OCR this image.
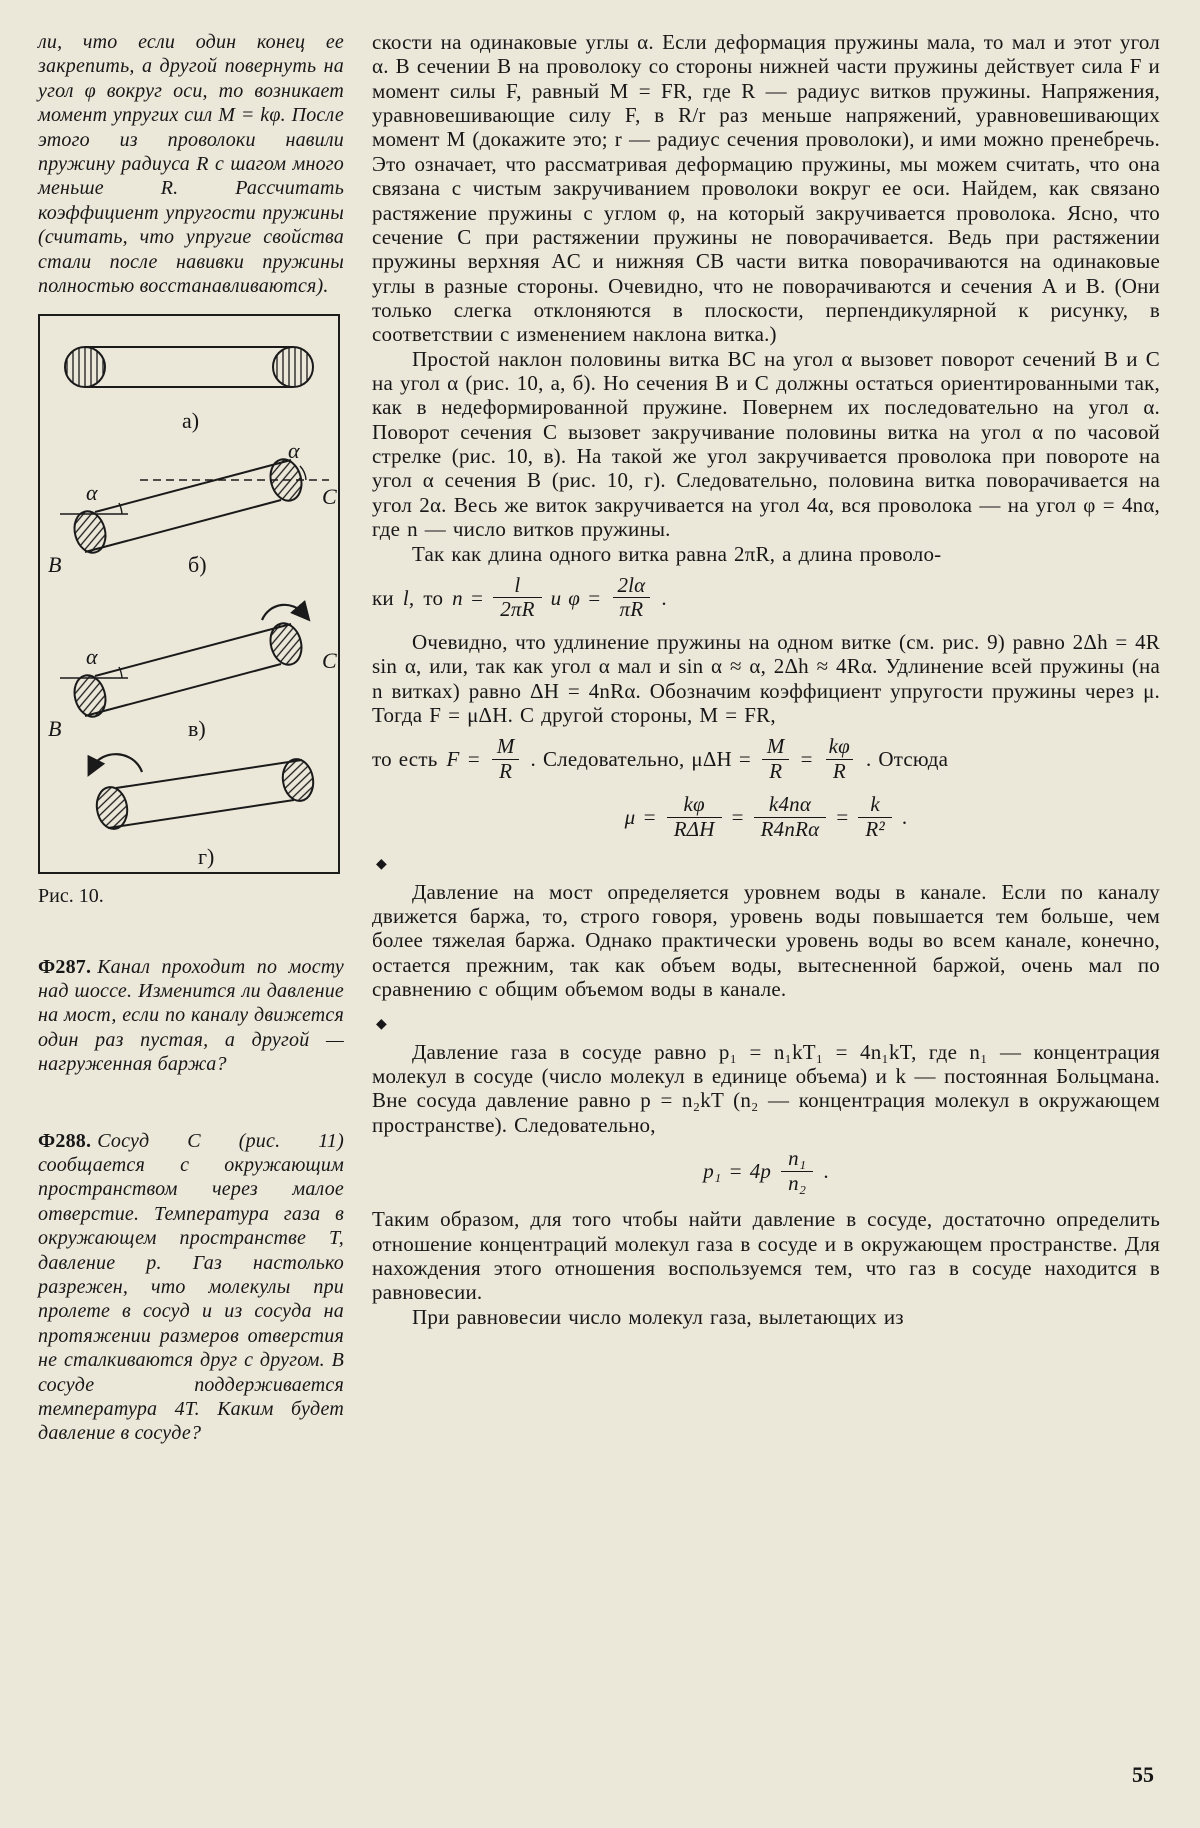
ли, что если один конец ее закрепить, а другой повернуть на угол φ вокруг оси, то возникает момент упругих сил M = kφ. После этого из проволоки навили пружину радиуса R с шагом много меньше R. Рассчитать коэффициент упругости пружины (считать, что упругие свойства стали после навивки пружины полностью восстанавливаются).

а)
α
α
B
C
б)
α
B
C
в)
г)

Рис. 10.

Ф287. Канал проходит по мосту над шоссе. Изменится ли давление на мост, если по каналу движется один раз пустая, а другой — нагруженная баржа?

Ф288. Сосуд C (рис. 11) сообщается с окружающим пространством через малое отверстие. Температура газа в окружающем пространстве T, давление p. Газ настолько разрежен, что молекулы при пролете в сосуд и из сосуда на протяжении размеров отверстия не сталкиваются друг с другом. В сосуде поддерживается температура 4T. Каким будет давление в сосуде?

скости на одинаковые углы α. Если деформация пружины мала, то мал и этот угол α. В сечении B на проволоку со стороны нижней части пружины действует сила F и момент силы F, равный M = FR, где R — радиус витков пружины. Напряжения, уравновешивающие силу F, в R/r раз меньше напряжений, уравновешивающих момент M (докажите это; r — радиус сечения проволоки), и ими можно пренебречь. Это означает, что рассматривая деформацию пружины, мы можем считать, что она связана с чистым закручиванием проволоки вокруг ее оси. Найдем, как связано растяжение пружины с углом φ, на который закручивается проволока. Ясно, что сечение C при растяжении пружины не поворачивается. Ведь при растяжении пружины верхняя AC и нижняя CB части витка поворачиваются на одинаковые углы в разные стороны. Очевидно, что не поворачиваются и сечения A и B. (Они только слегка отклоняются в плоскости, перпендикулярной к рисунку, в соответствии с изменением наклона витка.)

Простой наклон половины витка BC на угол α вызовет поворот сечений B и C на угол α (рис. 10, а, б). Но сечения B и C должны остаться ориентированными так, как в недеформированной пружине. Повернем их последовательно на угол α. Поворот сечения C вызовет закручивание половины витка на угол α по часовой стрелке (рис. 10, в). На такой же угол закручивается проволока при повороте на угол α сечения B (рис. 10, г). Следовательно, половина витка поворачивается на угол 2α. Весь же виток закручивается на угол 4α, вся проволока — на угол φ = 4nα, где n — число витков пружины.

Так как длина одного витка равна 2πR, а длина проволо-

ки l, то $n = \frac{l}{2\pi R}$ и $\varphi = \frac{2l\alpha}{\pi R}$ .

Очевидно, что удлинение пружины на одном витке (см. рис. 9) равно 2Δh = 4R sin α, или, так как угол α мал и sin α ≈ α, 2Δh ≈ 4Rα. Удлинение всей пружины (на n витках) равно ΔH = 4nRα. Обозначим коэффициент упругости пружины через μ. Тогда F = μΔH. С другой стороны, M = FR,

то есть $F = \frac{M}{R}$ . Следовательно, $\mu\Delta H = \frac{M}{R} = \frac{k\varphi}{R}$ . Отсюда
$\mu = \frac{k\varphi}{\text{RΔH}} = \frac{k4n\alpha}{\text{R4nRα}} = \frac{k}{\text{R²}}$ .
◆

Давление на мост определяется уровнем воды в канале. Если по каналу движется баржа, то, строго говоря, уровень воды повышается тем больше, чем более тяжелая баржа. Однако практически уровень воды во всем канале, конечно, остается прежним, так как объем воды, вытесненной баржой, очень мал по сравнению с общим объемом воды в канале.

◆

Давление газа в сосуде равно p₁ = n₁kT₁ = 4n₁kT, где n₁ — концентрация молекул в сосуде (число молекул в единице объема) и k — постоянная Больцмана. Вне сосуда давление равно p = n₂kT (n₂ — концентрация молекул в окружающем пространстве). Следовательно,

$p_1 = 4p \frac{\text{n₁}}{\text{n₂}}$ .

Таким образом, для того чтобы найти давление в сосуде, достаточно определить отношение концентраций молекул газа в сосуде и в окружающем пространстве. Для нахождения этого отношения воспользуемся тем, что газ в сосуде находится в равновесии.

При равновесии число молекул газа, вылетающих из

55
